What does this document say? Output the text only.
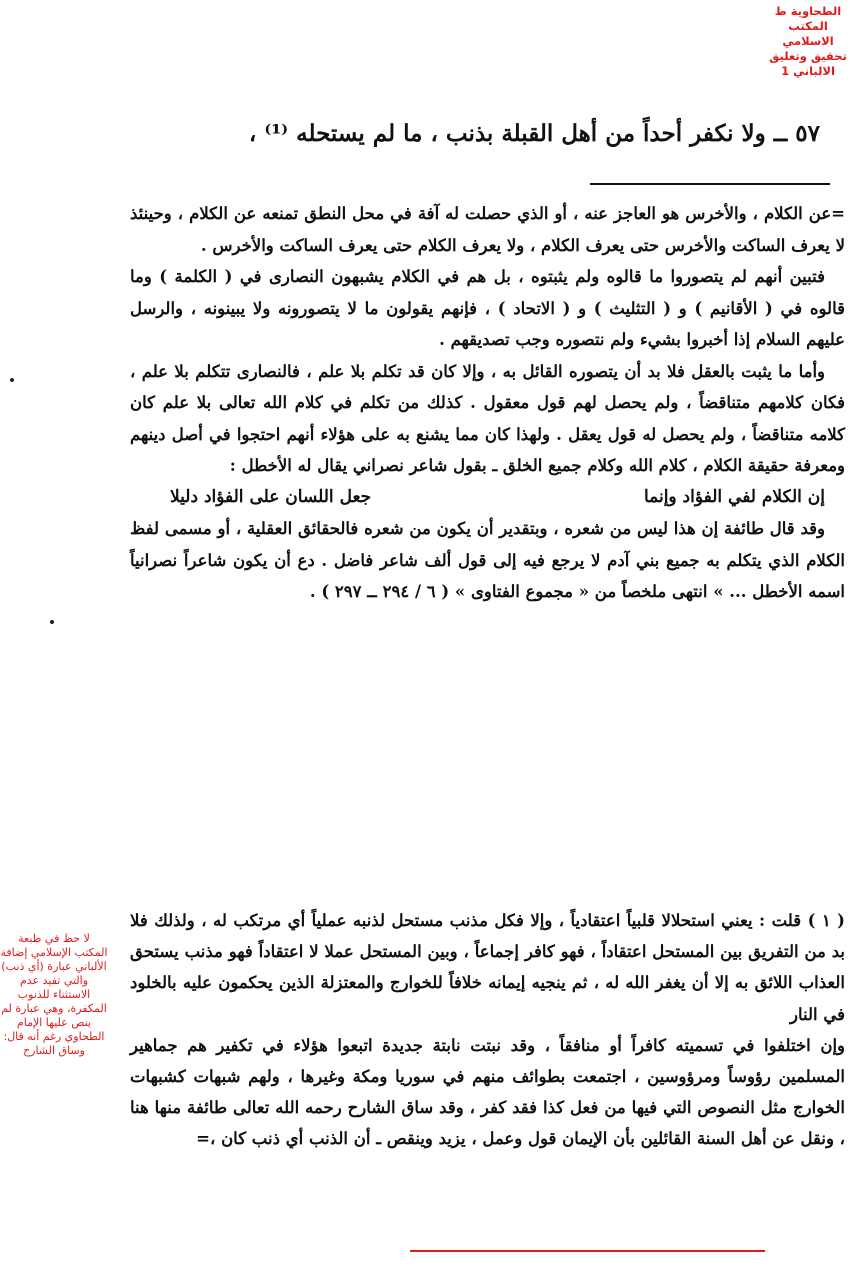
الطحاوية ط
المكتب
الاسلامي
تحقيق وتعليق
الالباني 1
٥٧ ــ ولا نكفر أحداً من أهل القبلة بذنب ، ما لم يستحله ⁽¹⁾ ،

=عن الكلام ، والأخرس هو العاجز عنه ، أو الذي حصلت له آفة في محل النطق تمنعه عن الكلام ، وحينئذ لا يعرف الساكت والأخرس حتى يعرف الكلام ، ولا يعرف الكلام حتى يعرف الساكت والأخرس .

فتبين أنهم لم يتصوروا ما قالوه ولم يثبتوه ، بل هم في الكلام يشبهون النصارى في ( الكلمة ) وما قالوه في ( الأقانيم ) و ( التثليث ) و ( الاتحاد ) ، فإنهم يقولون ما لا يتصورونه ولا يبينونه ، والرسل عليهم السلام إذا أخبروا بشيء ولم نتصوره وجب تصديقهم .

وأما ما يثبت بالعقل فلا بد أن يتصوره القائل به ، وإلا كان قد تكلم بلا علم ، فالنصارى تتكلم بلا علم ، فكان كلامهم متناقضاً ، ولم يحصل لهم قول معقول . كذلك من تكلم في كلام الله تعالى بلا علم كان كلامه متناقضاً ، ولم يحصل له قول يعقل . ولهذا كان مما يشنع به على هؤلاء أنهم احتجوا في أصل دينهم ومعرفة حقيقة الكلام ، كلام الله وكلام جميع الخلق ـ بقول شاعر نصراني يقال له الأخطل :

إن الكلام لفي الفؤاد وإنما
جعل اللسان على الفؤاد دليلا

وقد قال طائفة إن هذا ليس من شعره ، وبتقدير أن يكون من شعره فالحقائق العقلية ، أو مسمى لفظ الكلام الذي يتكلم به جميع بني آدم لا يرجع فيه إلى قول ألف شاعر فاضل . دع أن يكون شاعراً نصرانياً اسمه الأخطل ... » انتهى ملخصاً من « مجموع الفتاوى » ( ٦ / ٢٩٤ ــ ٢٩٧ ) .

( ١ ) قلت : يعني استحلالا قلبياً اعتقادياً ، وإلا فكل مذنب مستحل لذنبه عملياً أي مرتكب له ، ولذلك فلا بد من التفريق بين المستحل اعتقاداً ، فهو كافر إجماعاً ، وبين المستحل عملا لا اعتقاداً فهو مذنب يستحق العذاب اللائق به إلا أن يغفر الله له ، ثم ينجيه إيمانه خلافاً للخوارج والمعتزلة الذين يحكمون عليه بالخلود في النار

وإن اختلفوا في تسميته كافراً أو منافقاً ، وقد نبتت نابتة جديدة اتبعوا هؤلاء في تكفير هم جماهير المسلمين رؤوساً ومرؤوسين ، اجتمعت بطوائف منهم في سوريا ومكة وغيرها ، ولهم شبهات كشبهات الخوارج مثل النصوص التي فيها من فعل كذا فقد كفر ، وقد ساق الشارح رحمه الله تعالى طائفة منها هنا ، ونقل عن أهل السنة القائلين بأن الإيمان قول وعمل ، يزيد وينقص ـ أن الذنب أي ذنب كان ،=

لا حظ في طبعة المكتب الإسلامي إضافة الألباني عبارة (أي ذنب) والتي تفيد عدم الاستثناء للذنوب المكفرة، وهي عبارة لم ينص عليها الإمام الطحاوي رغم أنه قال: وساق الشارح
